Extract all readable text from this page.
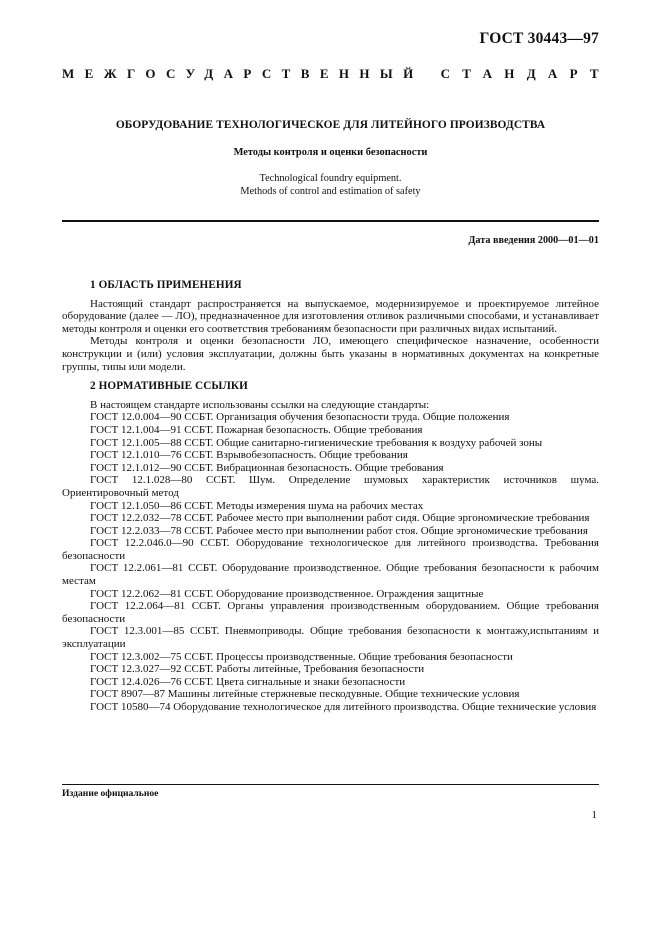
ГОСТ 30443—97
МЕЖГОСУДАРСТВЕННЫЙ СТАНДАРТ
ОБОРУДОВАНИЕ ТЕХНОЛОГИЧЕСКОЕ ДЛЯ ЛИТЕЙНОГО ПРОИЗВОДСТВА
Методы контроля и оценки безопасности
Technological foundry equipment.
Methods of control and estimation of safety
Дата введения 2000—01—01
1 ОБЛАСТЬ ПРИМЕНЕНИЯ

Настоящий стандарт распространяется на выпускаемое, модернизируемое и проектируемое литейное оборудование (далее — ЛО), предназначенное для изготовления отливок различными способами, и устанавливает методы контроля и оценки его соответствия требованиям безопасности при различных видах испытаний.

Методы контроля и оценки безопасности ЛО, имеющего специфическое назначение, особенности конструкции и (или) условия эксплуатации, должны быть указаны в нормативных документах на конкретные группы, типы или модели.

2 НОРМАТИВНЫЕ ССЫЛКИ

В настоящем стандарте использованы ссылки на следующие стандарты:

ГОСТ 12.0.004—90 ССБТ. Организация обучения безопасности труда. Общие положения

ГОСТ 12.1.004—91 ССБТ. Пожарная безопасность. Общие требования

ГОСТ 12.1.005—88 ССБТ. Общие санитарно-гигиенические требования к воздуху рабочей зоны

ГОСТ 12.1.010—76 ССБТ. Взрывобезопасность. Общие требования

ГОСТ 12.1.012—90 ССБТ. Вибрационная безопасность. Общие требования

ГОСТ 12.1.028—80 ССБТ. Шум. Определение шумовых характеристик источников шума. Ориентировочный метод

ГОСТ 12.1.050—86 ССБТ. Методы измерения шума на рабочих местах

ГОСТ 12.2.032—78 ССБТ. Рабочее место при выполнении работ сидя. Общие эргономические требования

ГОСТ 12.2.033—78 ССБТ. Рабочее место при выполнении работ стоя. Общие эргономические требования

ГОСТ 12.2.046.0—90 ССБТ. Оборудование технологическое для литейного производства. Требования безопасности

ГОСТ 12.2.061—81 ССБТ. Оборудование производственное. Общие требования безопасности к рабочим местам

ГОСТ 12.2.062—81 ССБТ. Оборудование производственное. Ограждения защитные

ГОСТ 12.2.064—81 ССБТ. Органы управления производственным оборудованием. Общие требования безопасности

ГОСТ 12.3.001—85 ССБТ. Пневмоприводы. Общие требования безопасности к монтажу,испытаниям и эксплуатации

ГОСТ 12.3.002—75 ССБТ. Процессы производственные. Общие требования безопасности

ГОСТ 12.3.027—92 ССБТ. Работы литейные, Требования безопасности

ГОСТ 12.4.026—76 ССБТ. Цвета сигнальные и знаки безопасности

ГОСТ 8907—87 Машины литейные стержневые пескодувные. Общие технические условия

ГОСТ 10580—74 Оборудование технологическое для литейного производства. Общие технические условия

Издание официальное
1
